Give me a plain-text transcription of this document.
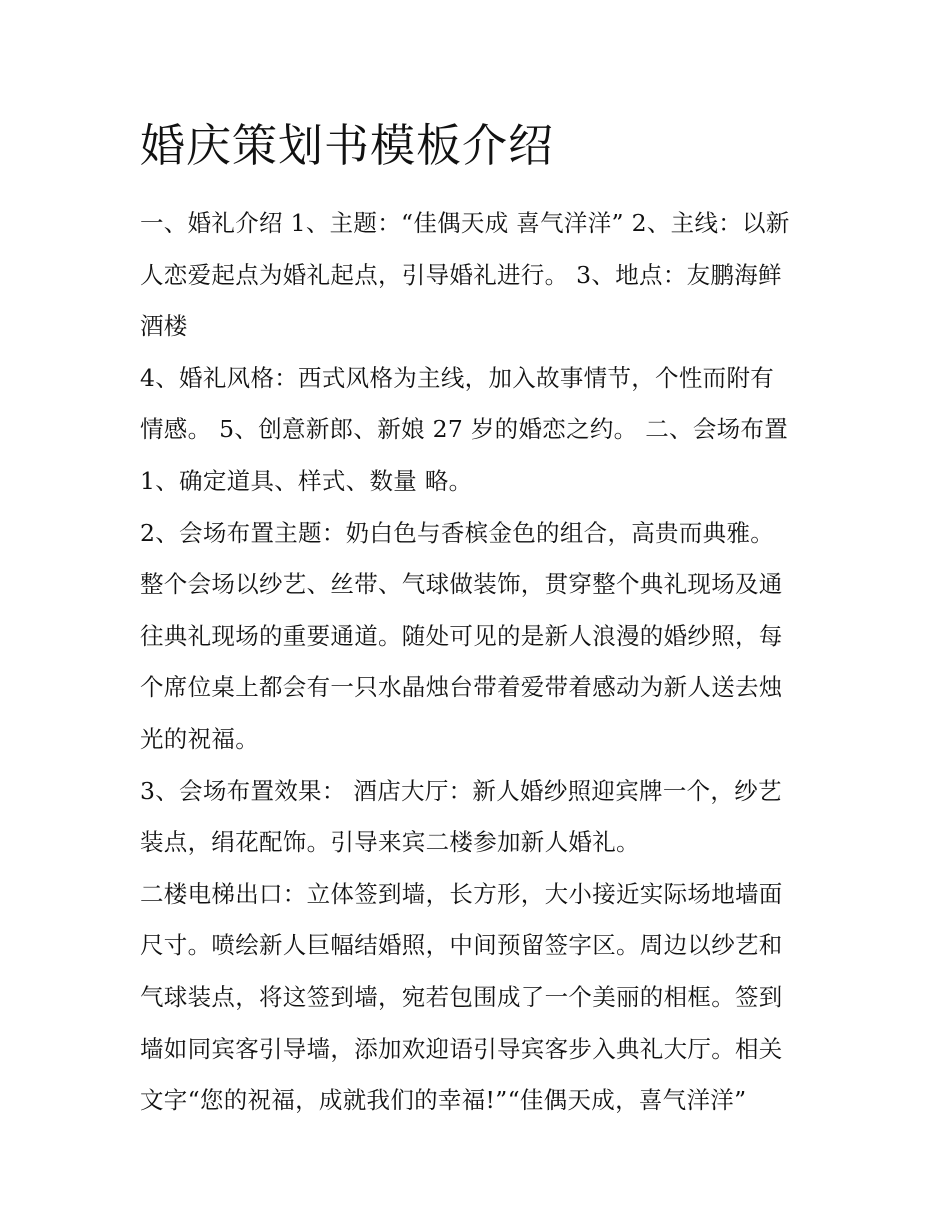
婚庆策划书模板介绍
一、婚礼介绍 1、主题：“佳偶天成 喜气洋洋” 2、主线：以新
人恋爱起点为婚礼起点，引导婚礼进行。 3、地点：友鹏海鲜
酒楼
4、婚礼风格：西式风格为主线，加入故事情节，个性而附有
情感。 5、创意新郎、新娘 27 岁的婚恋之约。 二、会场布置
1、确定道具、样式、数量 略。
2、会场布置主题：奶白色与香槟金色的组合，高贵而典雅。
整个会场以纱艺、丝带、气球做装饰，贯穿整个典礼现场及通
往典礼现场的重要通道。随处可见的是新人浪漫的婚纱照，每
个席位桌上都会有一只水晶烛台带着爱带着感动为新人送去烛
光的祝福。
3、会场布置效果： 酒店大厅：新人婚纱照迎宾牌一个，纱艺
装点，绢花配饰。引导来宾二楼参加新人婚礼。
二楼电梯出口：立体签到墙，长方形，大小接近实际场地墙面
尺寸。喷绘新人巨幅结婚照，中间预留签字区。周边以纱艺和
气球装点，将这签到墙，宛若包围成了一个美丽的相框。签到
墙如同宾客引导墙，添加欢迎语引导宾客步入典礼大厅。相关
文字“您的祝福，成就我们的幸福!”“佳偶天成，喜气洋洋”
